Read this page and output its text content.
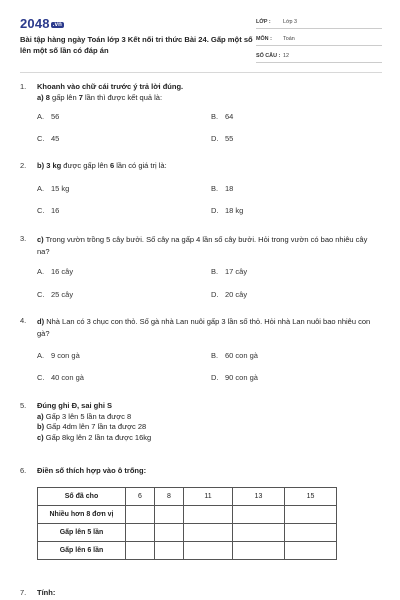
2048 .vn
Bài tập hàng ngày Toán lớp 3 Kết nối tri thức Bài 24. Gấp một số lên một số lần có đáp án
LỚP :	Lớp 3
MÔN :	Toán
SỐ CÂU : 12
1.	Khoanh vào chữ cái trước ý trả lời đúng.
a) 8 gấp lên 7 lần thì được kết quả là:
A. 56	B. 64
C. 45	D. 55
2.	b) 3 kg được gấp lên 6 lần có giá trị là:
A. 15 kg	B. 18
C. 16	D. 18 kg
3.	c) Trong vườn trồng 5 cây bưởi. Số cây na gấp 4 lần số cây bưởi. Hỏi trong vườn có bao nhiêu cây na?
A. 16 cây	B. 17 cây
C. 25 cây	D. 20 cây
4.	d) Nhà Lan có 3 chục con thỏ. Số gà nhà Lan nuôi gấp 3 lần số thỏ. Hỏi nhà Lan nuôi bao nhiêu con gà?
A. 9 con gà	B. 60 con gà
C. 40 con gà	D. 90 con gà
5.	Đúng ghi Đ, sai ghi S
a) Gấp 3 lên 5 lần ta được 8
b) Gấp 4dm lên 7 lần ta được 28
c) Gấp 8kg lên 2 lần ta được 16kg
6.	Điền số thích hợp vào ô trống:
Số đã cho	6	8	11	13	15
Nhiều hơn 8 đơn vị					
Gấp lên 5 lần					
Gấp lên 6 lần					
7.	Tính:
